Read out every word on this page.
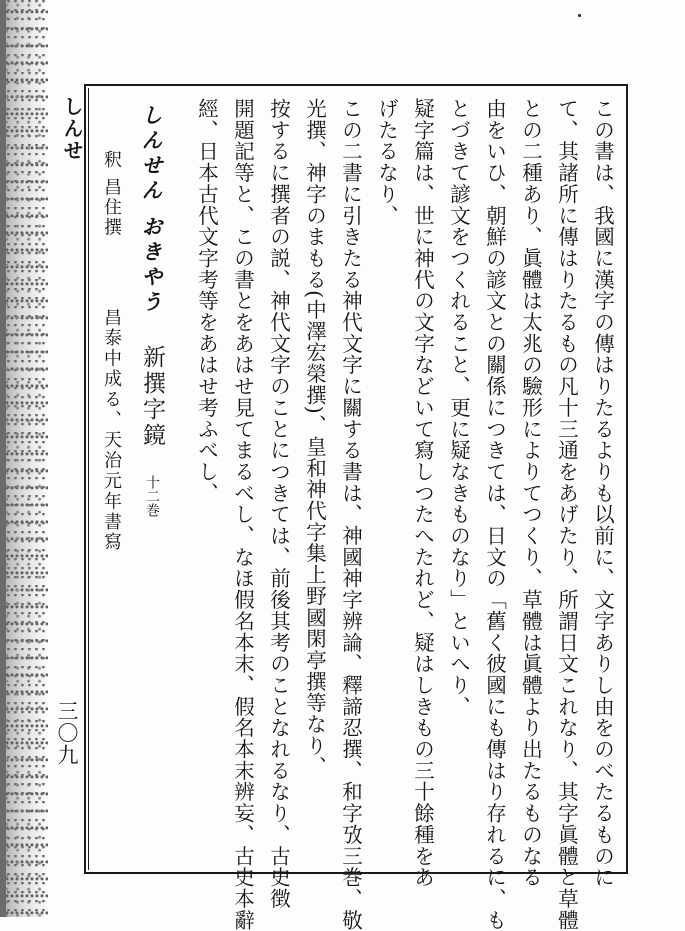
しんせ
三〇九
しんせん おきやう
新撰字鏡　十二巻
釈 昌住撰
昌泰中成る、天治元年書寫	この書は、我國に漢字の傳はりたるよりも以前に、文字ありし由をのべたるものに
て、其諸所に傳はりたるもの凡十三通をあげたり、所謂日文これなり、其字眞體と草體
との二種あり、眞體は太兆の驗形によりてつくり、草體は眞體より出たるものなる
由をいひ、朝鮮の諺文との關係につきては、日文の「舊く彼國にも傳はり存れるに、も
とづきて諺文をつくれること、更に疑なきものなり」といへり、
疑字篇は、世に神代の文字などいて寫しつたへたれど、疑はしきもの三十餘種をあ
げたるなり、
この二書に引きたる神代文字に關する書は、神國神字辨論、釋諦忍撰、和字攷三巻、敬
光撰、神字のまもる(中澤宏榮撰)、皇和神代字集上野國閑亭撰等なり、
按するに撰者の説、神代文字のことにつきては、前後其考のことなれるなり、古史徴
開題記等と、この書とをあはせ見てまるべし、なほ假名本末、假名本末辨妄、古史本辭
經、日本古代文字考等をあはせ考ふべし、
